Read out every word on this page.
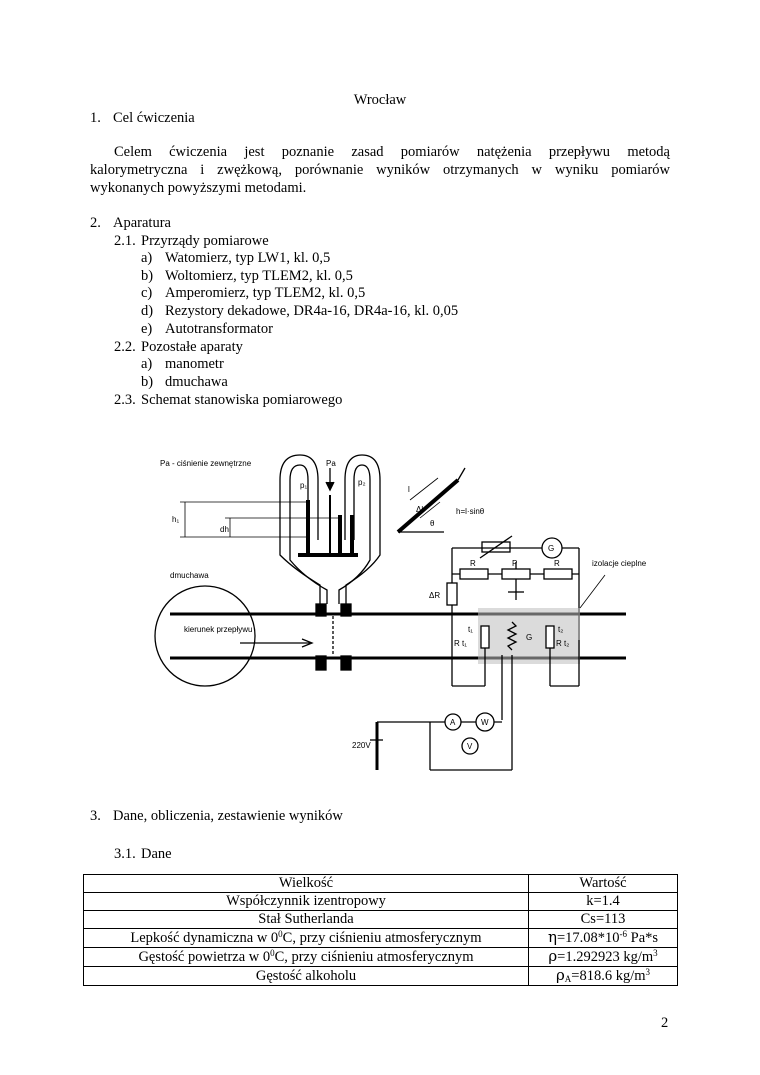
Wrocław
1. Cel ćwiczenia
Celem ćwiczenia jest poznanie zasad pomiarów natężenia przepływu metodą
kalorymetryczna i zwężkową, porównanie wyników otrzymanych w wyniku pomiarów
wykonanych powyższymi metodami.
2. Aparatura
2.1. Przyrządy pomiarowe
a) Watomierz, typ LW1, kl. 0,5
b) Woltomierz, typ TLEM2, kl. 0,5
c) Amperomierz, typ TLEM2, kl. 0,5
d) Rezystory dekadowe, DR4a-16, DR4a-16, kl. 0,05
e) Autotransformator
2.2. Pozostałe aparaty
a) manometr
b) dmuchawa
2.3. Schemat stanowiska pomiarowego
Pa - ciśnienie zewnętrzne	Pa
p₁	p₂
h₁
dh
l
Δl	h=l·sinθ
θ
G
R	P	R	izolacje cieplne
ΔR
dmuchawa
kierunek przepływu	t₁
R t₁
G
t₂
R t₂
A	W
V
220V
3. Dane, obliczenia, zestawienie wyników
3.1. Dane
Wielkość	Wartość
Współczynnik izentropowy	k=1.4
Stał Sutherlanda	Cs=113
Lepkość dynamiczna w $0^0C$, przy ciśnieniu atmosferycznym	$\eta=17.08*10^{-6}$ Pa*s
Gęstość powietrza w $0^0C$, przy ciśnieniu atmosferycznym	ρ=1.292923 $kg/m^3$
Gęstość alkoholu	$\rho_A=818.6$ $kg/m^3$
2
